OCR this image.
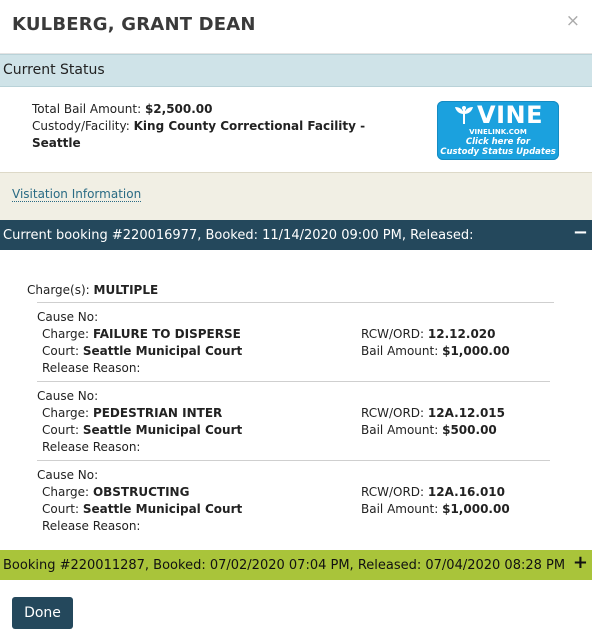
KULBERG, GRANT DEAN	×
Current Status
Total Bail Amount: $2,500.00
Custody/Facility: King County Correctional Facility -
Seattle
VINE
VINELINK.COM
Click here for
Custody Status Updates
Visitation Information
Current booking #220016977, Booked: 11/14/2020 09:00 PM, Released:	−
Charge(s): MULTIPLE
Cause No:
Charge: FAILURE TO DISPERSE
Court: Seattle Municipal Court
Release Reason:
RCW/ORD: 12.12.020
Bail Amount: $1,000.00
Cause No:
Charge: PEDESTRIAN INTER
Court: Seattle Municipal Court
Release Reason:
RCW/ORD: 12A.12.015
Bail Amount: $500.00
Cause No:
Charge: OBSTRUCTING
Court: Seattle Municipal Court
Release Reason:
RCW/ORD: 12A.16.010
Bail Amount: $1,000.00
Booking #220011287, Booked: 07/02/2020 07:04 PM, Released: 07/04/2020 08:28 PM +
Done
